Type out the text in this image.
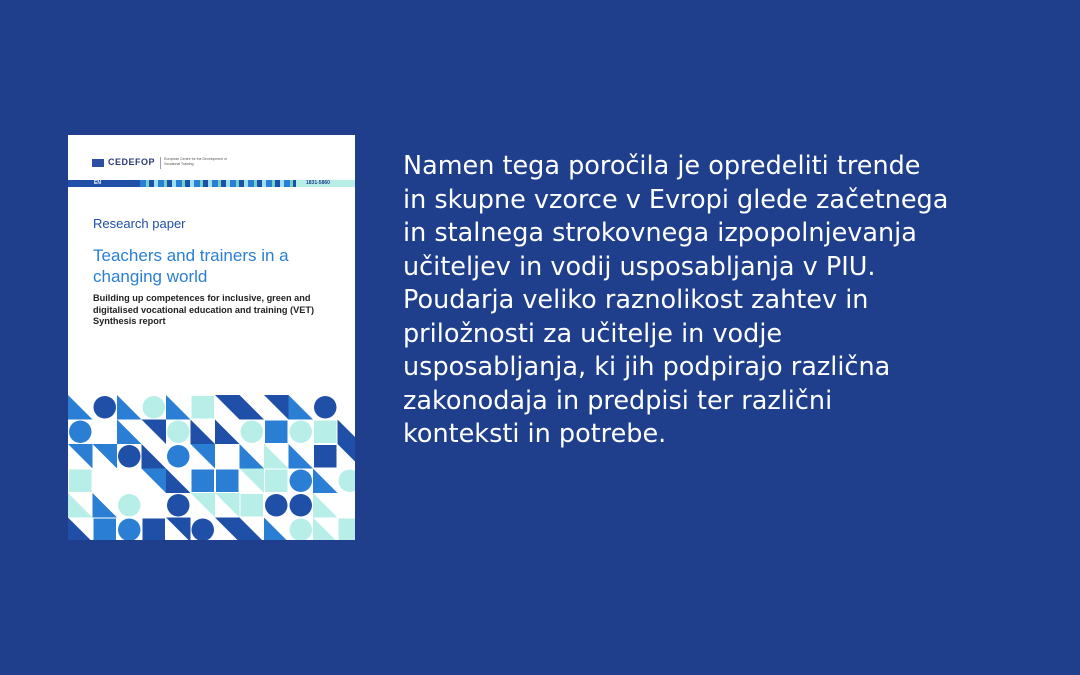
CEDEFOP	European Centre for the Development of Vocational Training
EN	1831-5860
Research paper
Teachers and trainers in a changing world
Building up competences for inclusive, green and digitalised vocational education and training (VET) Synthesis report
Namen tega poročila je opredeliti trende
in skupne vzorce v Evropi glede začetnega
in stalnega strokovnega izpopolnjevanja
učiteljev in vodij usposabljanja v PIU.
Poudarja veliko raznolikost zahtev in
priložnosti za učitelje in vodje
usposabljanja, ki jih podpirajo različna
zakonodaja in predpisi ter različni
konteksti in potrebe.
